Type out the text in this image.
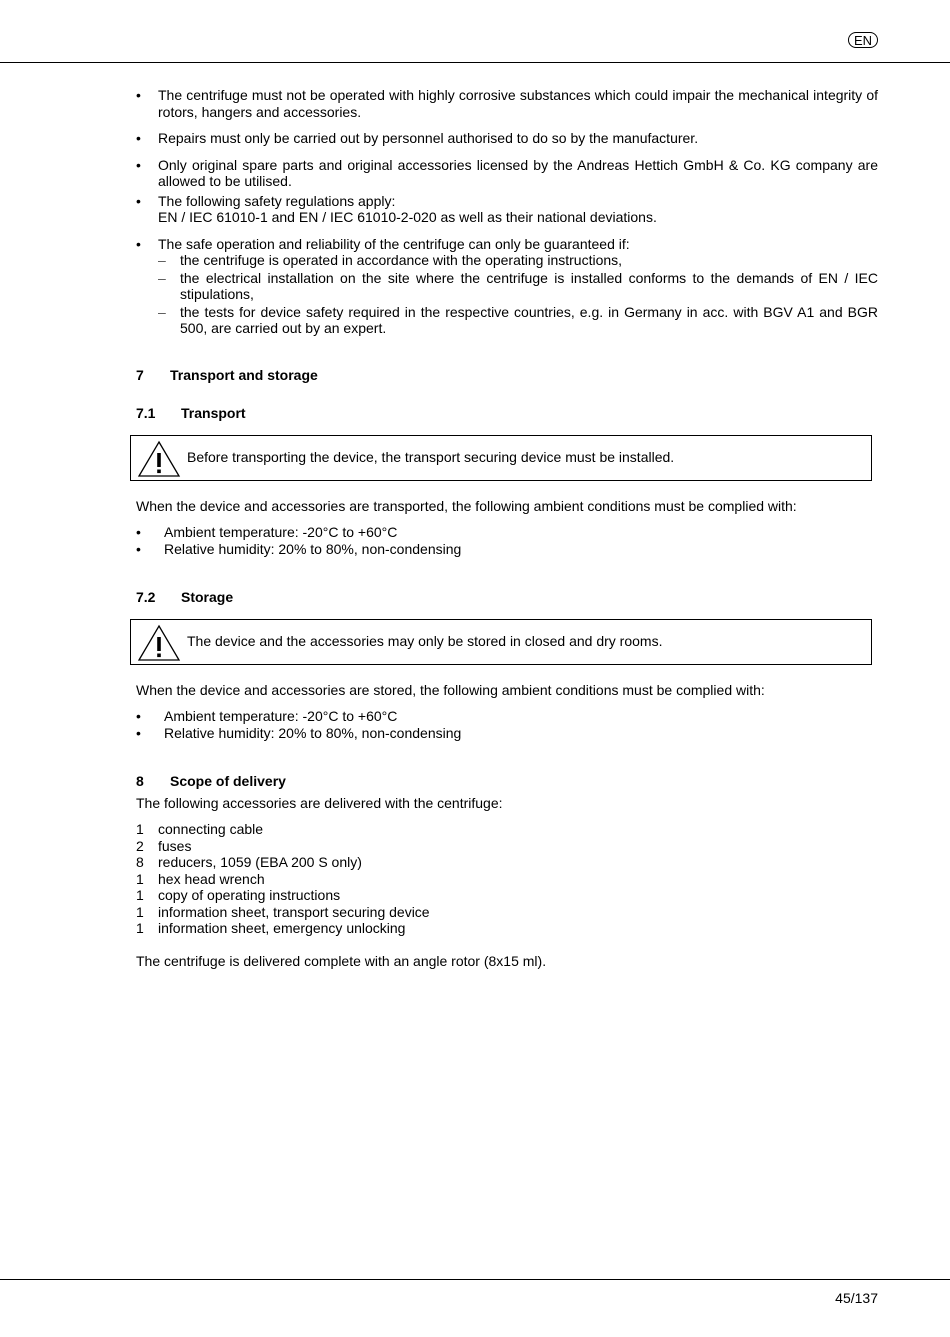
EN
• The centrifuge must not be operated with highly corrosive substances which could impair the mechanical integrity of rotors, hangers and accessories.
• Repairs must only be carried out by personnel authorised to do so by the manufacturer.
• Only original spare parts and original accessories licensed by the Andreas Hettich GmbH & Co. KG company are allowed to be utilised.
• The following safety regulations apply:
EN / IEC 61010-1 and EN / IEC 61010-2-020 as well as their national deviations.
• The safe operation and reliability of the centrifuge can only be guaranteed if:
– the centrifuge is operated in accordance with the operating instructions,
– the electrical installation on the site where the centrifuge is installed conforms to the demands of EN / IEC stipulations,
– the tests for device safety required in the respective countries, e.g. in Germany in acc. with BGV A1 and BGR 500, are carried out by an expert.
7	Transport and storage
7.1	Transport
Before transporting the device, the transport securing device must be installed.

When the device and accessories are transported, the following ambient conditions must be complied with:

• Ambient temperature: -20°C to +60°C
• Relative humidity: 20% to 80%, non-condensing
7.2	Storage
The device and the accessories may only be stored in closed and dry rooms.

When the device and accessories are stored, the following ambient conditions must be complied with:

• Ambient temperature: -20°C to +60°C
• Relative humidity: 20% to 80%, non-condensing
8	Scope of delivery

The following accessories are delivered with the centrifuge:

1	connecting cable
2	fuses
8	reducers, 1059 (EBA 200 S only)
1	hex head wrench
1	copy of operating instructions
1	information sheet, transport securing device
1	information sheet, emergency unlocking

The centrifuge is delivered complete with an angle rotor (8x15 ml).

45/137
